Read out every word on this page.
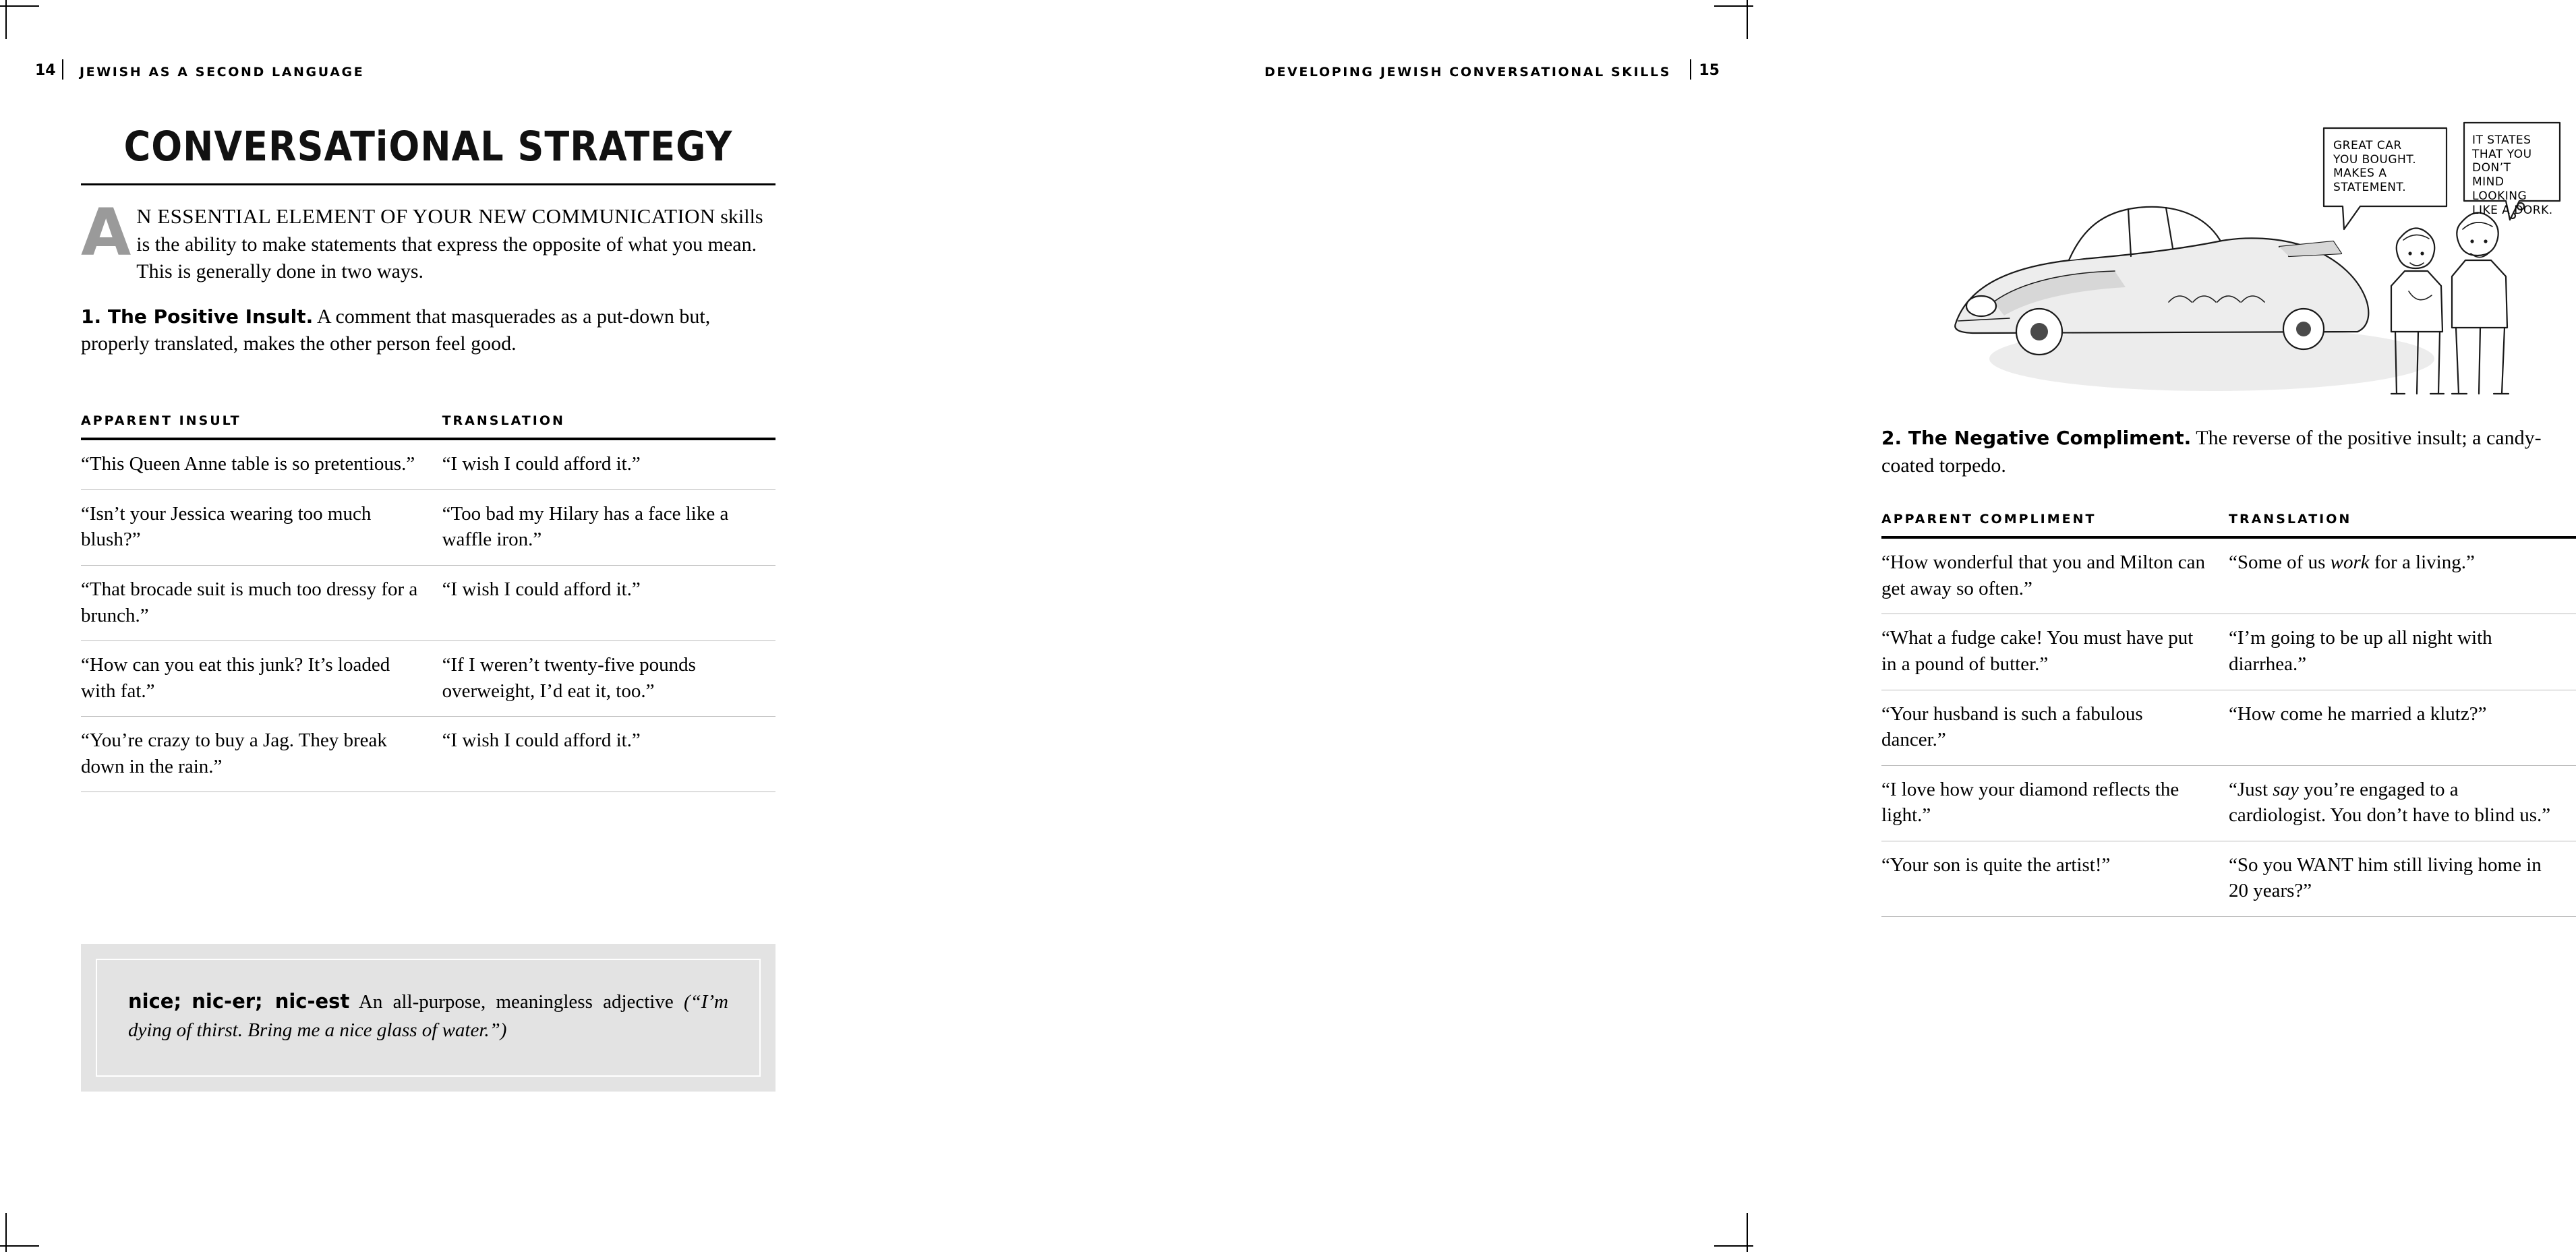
14 JEWISH AS A SECOND LANGUAGE
CONVERSATiONAL STRATEGY

A N ESSENTIAL ELEMENT OF YOUR NEW COMMUNICATION skills is the ability to make statements that express the opposite of what you mean. This is generally done in two ways.

1. The Positive Insult. A comment that masquerades as a put-down but, properly translated, makes the other person feel good.

APPARENT INSULT	TRANSLATION
“This Queen Anne table is so pretentious.”	“I wish I could afford it.”
“Isn’t your Jessica wearing too much blush?”	“Too bad my Hilary has a face like a waffle iron.”
“That brocade suit is much too dressy for a brunch.”	“I wish I could afford it.”
“How can you eat this junk? It’s loaded with fat.”	“If I weren’t twenty-five pounds overweight, I’d eat it, too.”
“You’re crazy to buy a Jag. They break down in the rain.”	“I wish I could afford it.”
nice; nic-er; nic-est An all-purpose, meaningless adjective (“I’m dying of thirst. Bring me a nice glass of water.”)
DEVELOPING JEWISH CONVERSATIONAL SKILLS 15
GREAT CAR
YOU BOUGHT.
MAKES A
STATEMENT.
IT STATES
THAT YOU DON’T
MIND LOOKING
LIKE A DORK.

2. The Negative Compliment. The reverse of the positive insult; a candy-coated torpedo.

APPARENT COMPLIMENT	TRANSLATION
“How wonderful that you and Milton can get away so often.”	“Some of us work for a living.”
“What a fudge cake! You must have put in a pound of butter.”	“I’m going to be up all night with diarrhea.”
“Your husband is such a fabulous dancer.”	“How come he married a klutz?”
“I love how your diamond reflects the light.”	“Just say you’re engaged to a cardiologist. You don’t have to blind us.”
“Your son is quite the artist!”	“So you WANT him still living home in 20 years?”
